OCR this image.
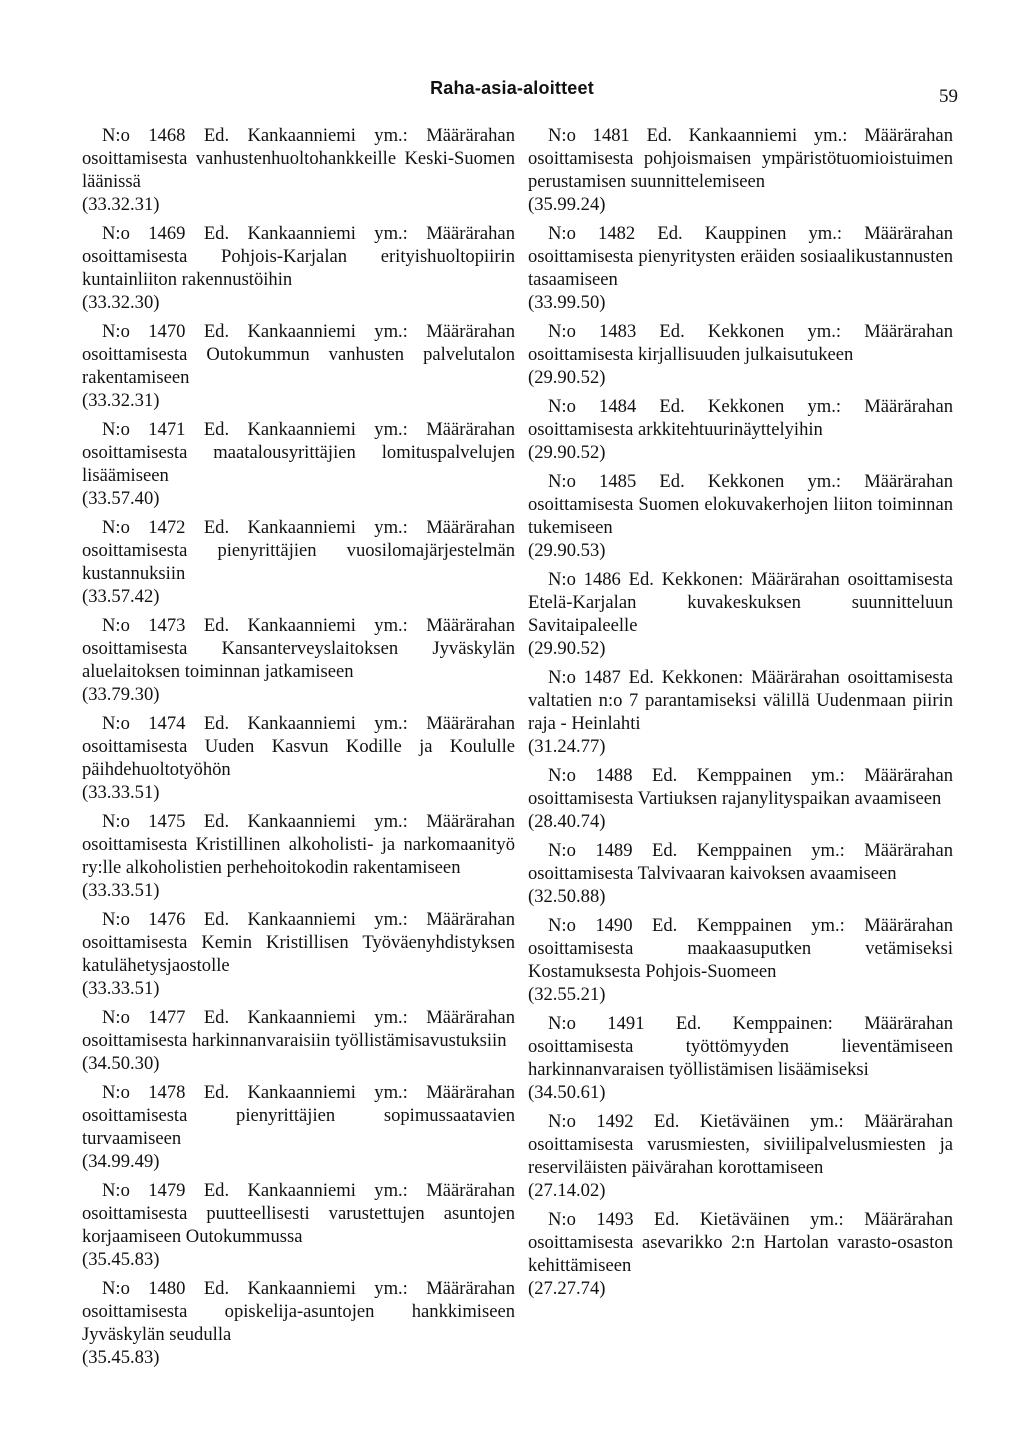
Raha-asia-aloitteet	59

N:o 1468 Ed. Kankaanniemi ym.: Määrärahan osoittamisesta vanhustenhuoltohankkeille Keski-Suomen läänissä

(33.32.31)

N:o 1469 Ed. Kankaanniemi ym.: Määrärahan osoittamisesta Pohjois-Karjalan erityishuoltopiirin kuntainliiton rakennustöihin

(33.32.30)

N:o 1470 Ed. Kankaanniemi ym.: Määrärahan osoittamisesta Outokummun vanhusten palvelutalon rakentamiseen

(33.32.31)

N:o 1471 Ed. Kankaanniemi ym.: Määrärahan osoittamisesta maatalousyrittäjien lomituspalvelujen lisäämiseen

(33.57.40)

N:o 1472 Ed. Kankaanniemi ym.: Määrärahan osoittamisesta pienyrittäjien vuosilomajärjestelmän kustannuksiin

(33.57.42)

N:o 1473 Ed. Kankaanniemi ym.: Määrärahan osoittamisesta Kansanterveyslaitoksen Jyväskylän aluelaitoksen toiminnan jatkamiseen

(33.79.30)

N:o 1474 Ed. Kankaanniemi ym.: Määrärahan osoittamisesta Uuden Kasvun Kodille ja Koululle päihdehuoltotyöhön

(33.33.51)

N:o 1475 Ed. Kankaanniemi ym.: Määrärahan osoittamisesta Kristillinen alkoholisti- ja narkomaanityö ry:lle alkoholistien perhehoitokodin rakentamiseen

(33.33.51)

N:o 1476 Ed. Kankaanniemi ym.: Määrärahan osoittamisesta Kemin Kristillisen Työväenyhdistyksen katulähetysjaostolle

(33.33.51)

N:o 1477 Ed. Kankaanniemi ym.: Määrärahan osoittamisesta harkinnanvaraisiin työllistämisavustuksiin

(34.50.30)

N:o 1478 Ed. Kankaanniemi ym.: Määrärahan osoittamisesta pienyrittäjien sopimussaatavien turvaamiseen

(34.99.49)

N:o 1479 Ed. Kankaanniemi ym.: Määrärahan osoittamisesta puutteellisesti varustettujen asuntojen korjaamiseen Outokummussa

(35.45.83)

N:o 1480 Ed. Kankaanniemi ym.: Määrärahan osoittamisesta opiskelija-asuntojen hankkimiseen Jyväskylän seudulla

(35.45.83)

N:o 1481 Ed. Kankaanniemi ym.: Määrärahan osoittamisesta pohjoismaisen ympäristötuomioistuimen perustamisen suunnittelemiseen

(35.99.24)

N:o 1482 Ed. Kauppinen ym.: Määrärahan osoittamisesta pienyritysten eräiden sosiaalikustannusten tasaamiseen

(33.99.50)

N:o 1483 Ed. Kekkonen ym.: Määrärahan osoittamisesta kirjallisuuden julkaisutukeen

(29.90.52)

N:o 1484 Ed. Kekkonen ym.: Määrärahan osoittamisesta arkkitehtuurinäyttelyihin

(29.90.52)

N:o 1485 Ed. Kekkonen ym.: Määrärahan osoittamisesta Suomen elokuvakerhojen liiton toiminnan tukemiseen

(29.90.53)

N:o 1486 Ed. Kekkonen: Määrärahan osoittamisesta Etelä-Karjalan kuvakeskuksen suunnitteluun Savitaipaleelle

(29.90.52)

N:o 1487 Ed. Kekkonen: Määrärahan osoittamisesta valtatien n:o 7 parantamiseksi välillä Uudenmaan piirin raja - Heinlahti

(31.24.77)

N:o 1488 Ed. Kemppainen ym.: Määrärahan osoittamisesta Vartiuksen rajanylityspaikan avaamiseen

(28.40.74)

N:o 1489 Ed. Kemppainen ym.: Määrärahan osoittamisesta Talvivaaran kaivoksen avaamiseen

(32.50.88)

N:o 1490 Ed. Kemppainen ym.: Määrärahan osoittamisesta maakaasuputken vetämiseksi Kostamuksesta Pohjois-Suomeen

(32.55.21)

N:o 1491 Ed. Kemppainen: Määrärahan osoittamisesta työttömyyden lieventämiseen harkinnanvaraisen työllistämisen lisäämiseksi

(34.50.61)

N:o 1492 Ed. Kietäväinen ym.: Määrärahan osoittamisesta varusmiesten, siviilipalvelusmiesten ja reserviläisten päivärahan korottamiseen

(27.14.02)

N:o 1493 Ed. Kietäväinen ym.: Määrärahan osoittamisesta asevarikko 2:n Hartolan varasto-osaston kehittämiseen

(27.27.74)
